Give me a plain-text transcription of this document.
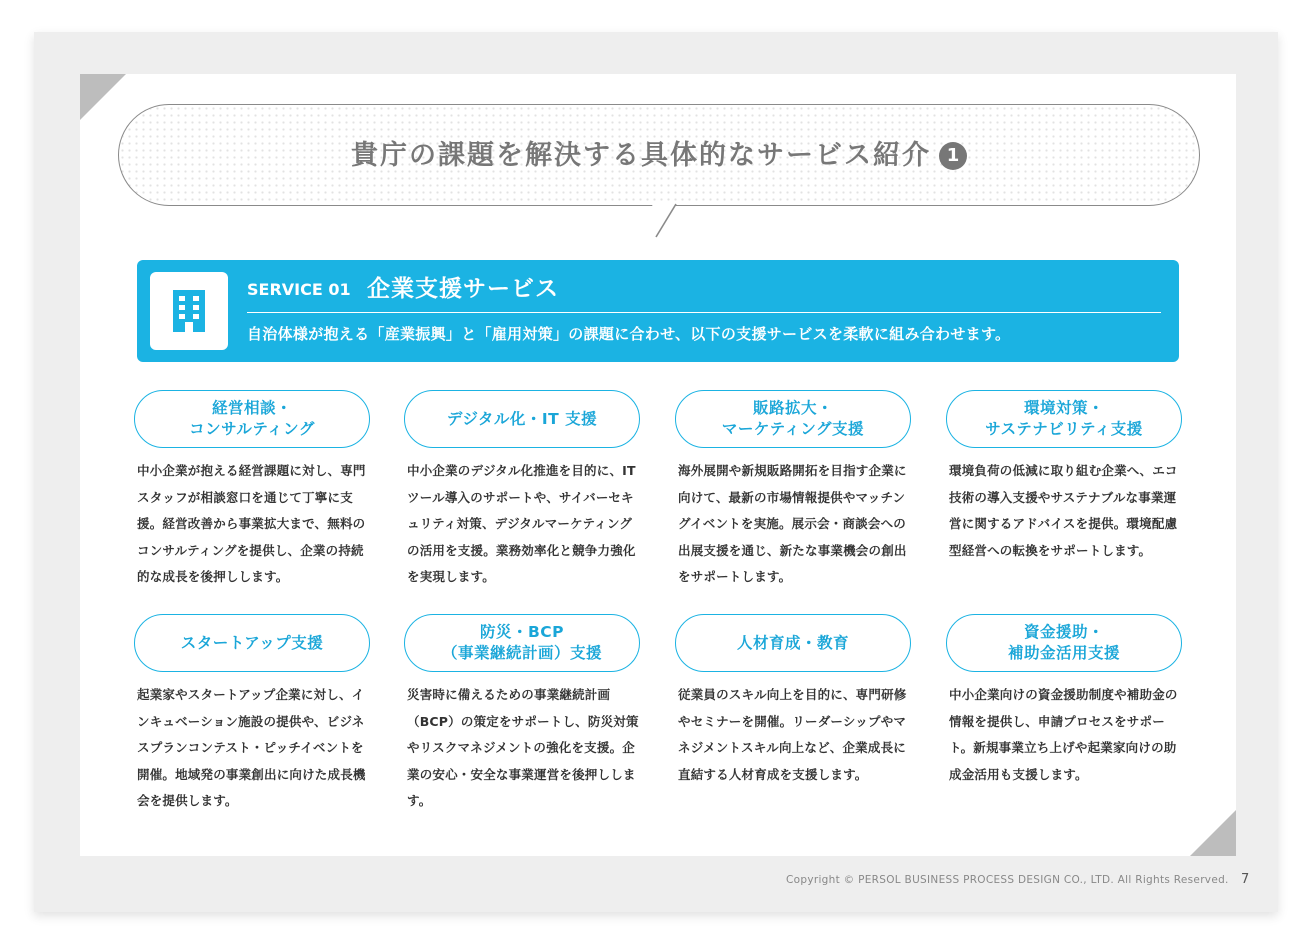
貴庁の課題を解決する具体的なサービス紹介 1
SERVICE 01 企業支援サービス
自治体様が抱える「産業振興」と「雇用対策」の課題に合わせ、以下の支援サービスを柔軟に組み合わせます。
経営相談・
コンサルティング
中小企業が抱える経営課題に対し、専門スタッフが相談窓口を通じて丁寧に支援。経営改善から事業拡大まで、無料のコンサルティングを提供し、企業の持続的な成長を後押しします。
デジタル化・IT 支援
中小企業のデジタル化推進を目的に、IT ツール導入のサポートや、サイバーセキュリティ対策、デジタルマーケティングの活用を支援。業務効率化と競争力強化を実現します。
販路拡大・
マーケティング支援
海外展開や新規販路開拓を目指す企業に向けて、最新の市場情報提供やマッチングイベントを実施。展示会・商談会への出展支援を通じ、新たな事業機会の創出をサポートします。
環境対策・
サステナビリティ支援
環境負荷の低減に取り組む企業へ、エコ技術の導入支援やサステナブルな事業運営に関するアドバイスを提供。環境配慮型経営への転換をサポートします。
スタートアップ支援
起業家やスタートアップ企業に対し、インキュベーション施設の提供や、ビジネスプランコンテスト・ピッチイベントを開催。地域発の事業創出に向けた成長機会を提供します。
防災・BCP
（事業継続計画）支援
災害時に備えるための事業継続計画（BCP）の策定をサポートし、防災対策やリスクマネジメントの強化を支援。企業の安心・安全な事業運営を後押しします。
人材育成・教育
従業員のスキル向上を目的に、専門研修やセミナーを開催。リーダーシップやマネジメントスキル向上など、企業成長に直結する人材育成を支援します。
資金援助・
補助金活用支援
中小企業向けの資金援助制度や補助金の情報を提供し、申請プロセスをサポート。新規事業立ち上げや起業家向けの助成金活用も支援します。
Copyright © PERSOL BUSINESS PROCESS DESIGN CO., LTD. All Rights Reserved. 7
